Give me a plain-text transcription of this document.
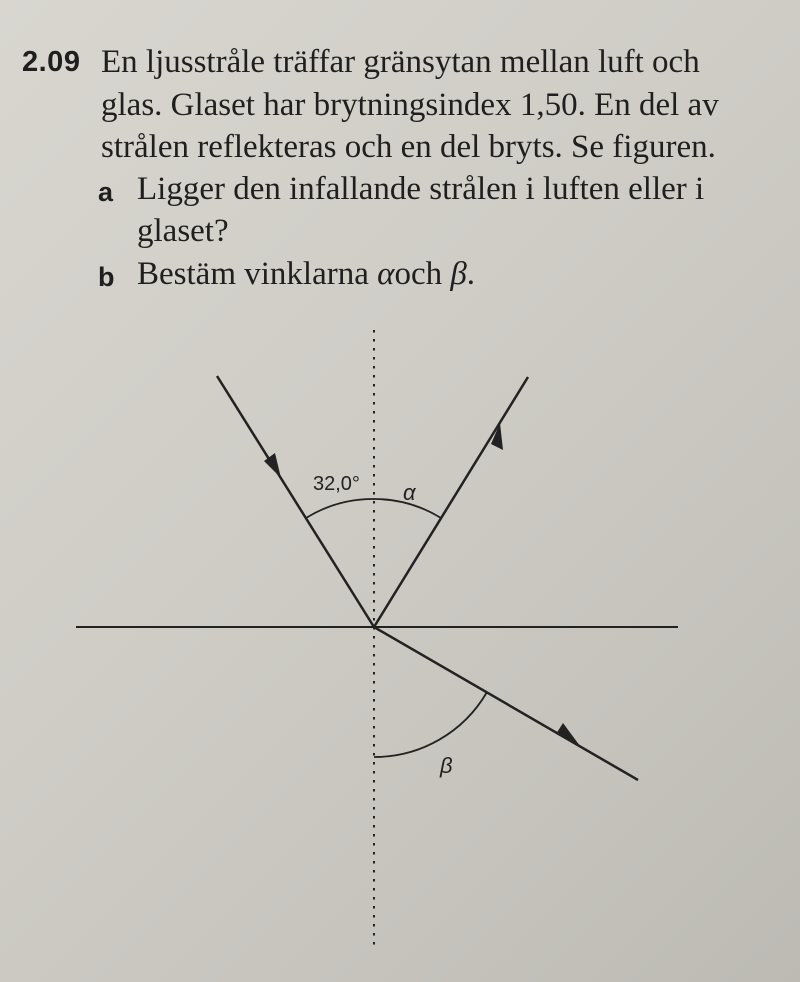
2.09 En ljusstråle träffar gränsytan mellan luft och
glas. Glaset har brytningsindex 1,50. En del av
strålen reflekteras och en del bryts. Se figuren.
a Ligger den infallande strålen i luften eller i
glaset?
b Bestäm vinklarna αoch β.
32,0° α
β
